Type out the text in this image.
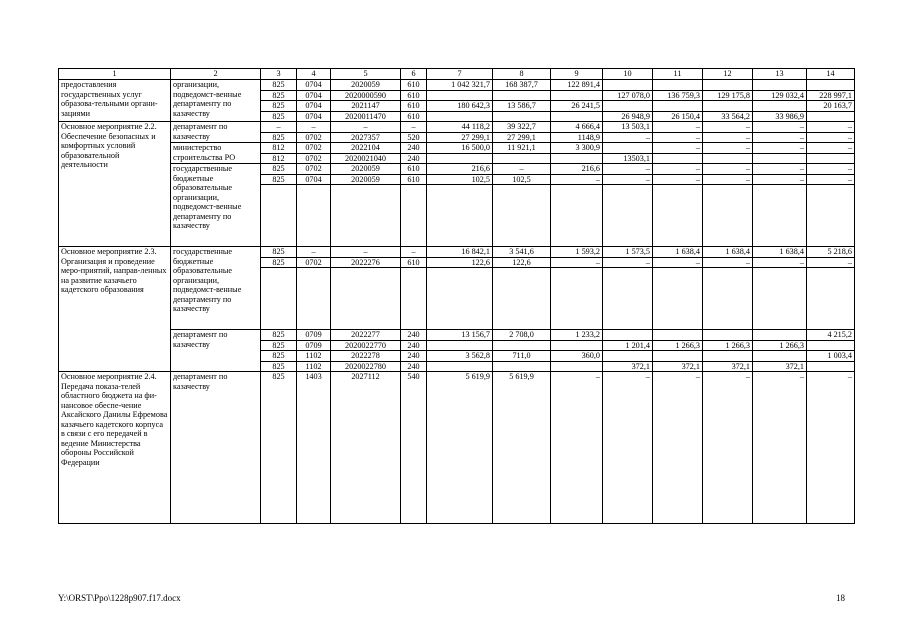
1	2	3	4	5	6	7	8	9	10	11	12	13	14
предоставления государственных услуг образова-тельными органи-зациями	организации, подведомст-венные департаменту по казачеству	825	0704	2020059	610	1 042 321,7	168 387,7	122 891,4					
		825	0704	2020000590	610				127 078,0	136 759,3	129 175,8	129 032,4	228 997,1
		825	0704	2021147	610	180 642,3	13 586,7	26 241,5					20 163,7
		825	0704	2020011470	610				26 948,9	26 150,4	33 564,2	33 986,9	
Основное мероприятие 2.2. Обеспечение безопасных и комфортных условий образовательной деятельности	департамент по казачеству	–	–	–	–	44 118,2	39 322,7	4 666,4	13 503,1	–	–	–	–
		825	0702	2027357	520	27 299,1	27 299,1	1148,9	–	–	–	–	–
	министерство строительства РО	812	0702	2022104	240	16 500,0	11 921,1	3 300,9		–	–	–	–
		812	0702	2020021040	240				13503,1				
	государственные бюджетные образовательные организации, подведомст-венные департаменту по казачеству	825	0702	2020059	610	216,6	–	216,6	–	–	–	–	–
		825	0704	2020059	610	102,5	102,5	–	–	–	–	–	–

Основное мероприятие 2.3. Организация и проведение меро-приятий, направ-ленных на развитие казачьего кадетского образования	государственные бюджетные образовательные организации, подведомст-венные департаменту по казачеству	825	–	–	–	16 842,1	3 541,6	1 593,2	1 573,5	1 638,4	1 638,4	1 638,4	5 218,6
		825	0702	2022276	610	122,6	122,6	–	–	–	–	–	–

	департамент по казачеству	825	0709	2022277	240	13 156,7	2 708,0	1 233,2					4 215,2
		825	0709	2020022770	240				1 201,4	1 266,3	1 266,3	1 266,3	
		825	1102	2022278	240	3 562,8	711,0	360,0					1 003,4
		825	1102	2020022780	240				372,1	372,1	372,1	372,1	
Основное мероприятие 2.4. Передача показа-телей областного бюджета на фи-нансовое обеспе-чение Аксайского Данилы Ефремова казачьего кадетского корпуса в связи с его передачей в ведение Министерства обороны Российской Федерации	департамент по казачеству	825	1403	2027112	540	5 619,9	5 619,9	–	–	–	–	–	–
Y:\ORST\Ppo\1228p907.f17.docx	18
